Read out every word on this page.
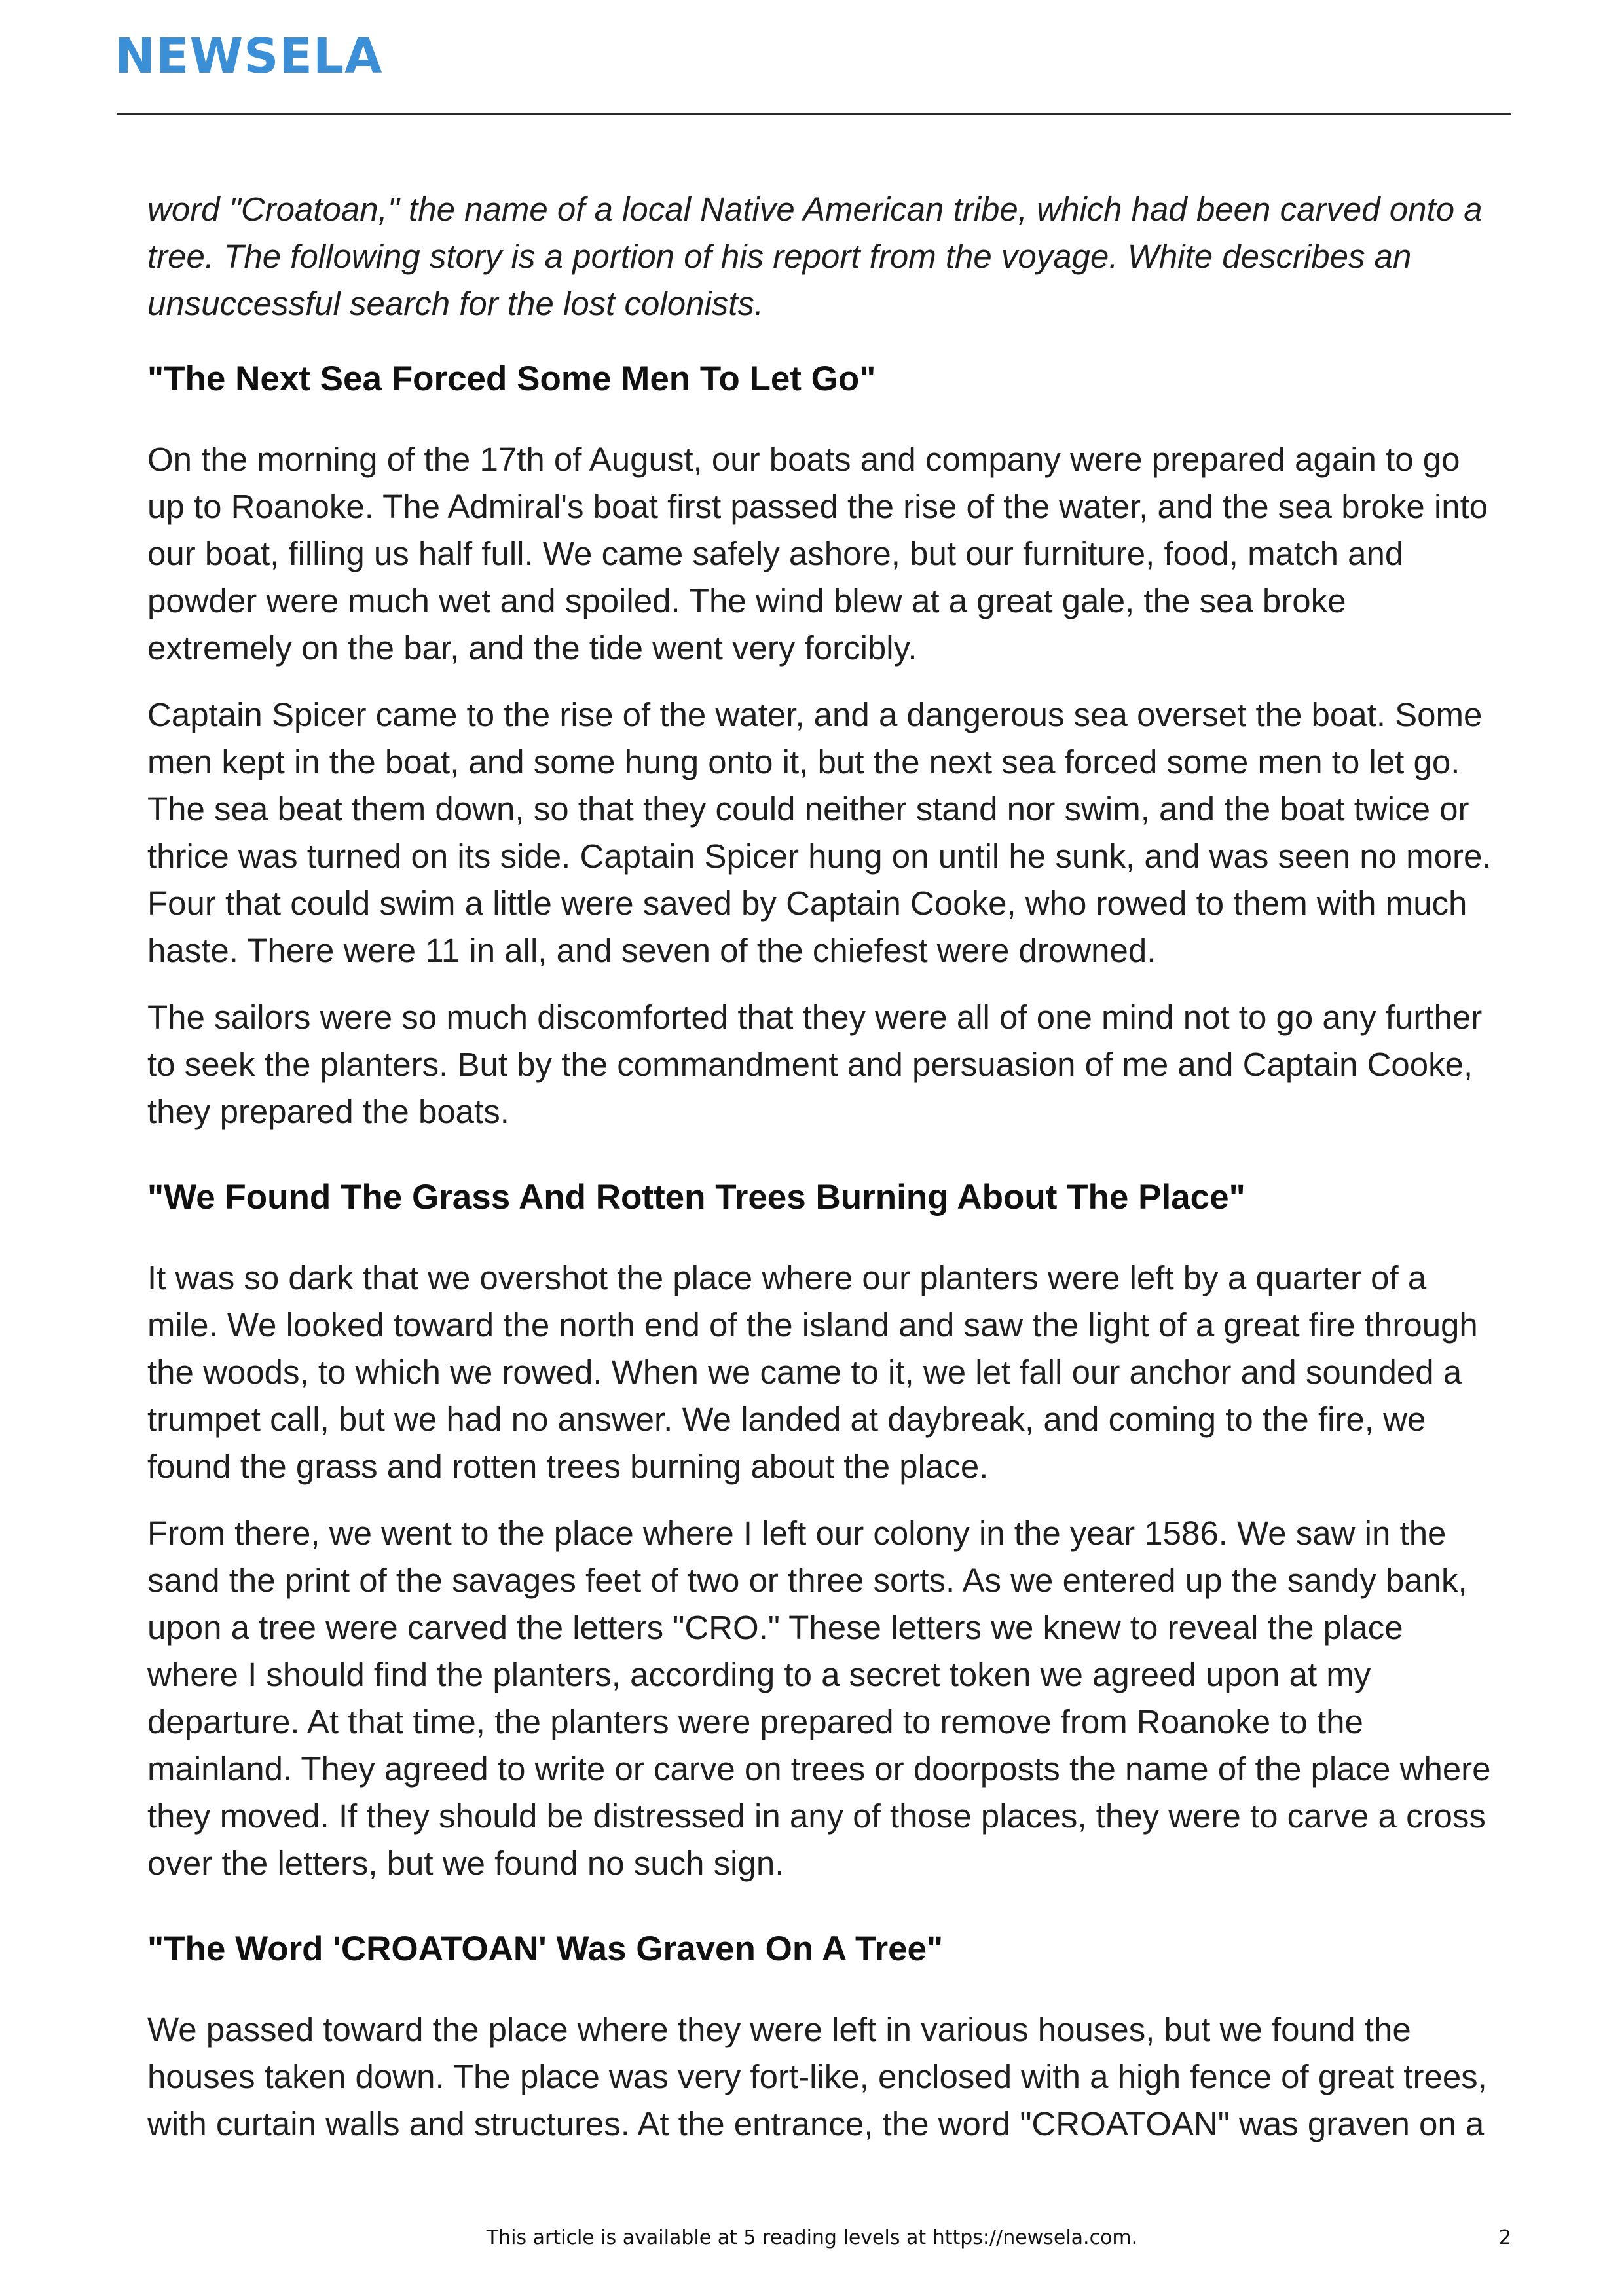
NEWSELA

word "Croatoan," the name of a local Native American tribe, which had been carved onto a tree. The following story is a portion of his report from the voyage. White describes an unsuccessful search for the lost colonists.

"The Next Sea Forced Some Men To Let Go"

On the morning of the 17th of August, our boats and company were prepared again to go up to Roanoke. The Admiral's boat first passed the rise of the water, and the sea broke into our boat, filling us half full. We came safely ashore, but our furniture, food, match and powder were much wet and spoiled. The wind blew at a great gale, the sea broke extremely on the bar, and the tide went very forcibly.

Captain Spicer came to the rise of the water, and a dangerous sea overset the boat. Some men kept in the boat, and some hung onto it, but the next sea forced some men to let go. The sea beat them down, so that they could neither stand nor swim, and the boat twice or thrice was turned on its side. Captain Spicer hung on until he sunk, and was seen no more. Four that could swim a little were saved by Captain Cooke, who rowed to them with much haste. There were 11 in all, and seven of the chiefest were drowned.

The sailors were so much discomforted that they were all of one mind not to go any further to seek the planters. But by the commandment and persuasion of me and Captain Cooke, they prepared the boats.

"We Found The Grass And Rotten Trees Burning About The Place"

It was so dark that we overshot the place where our planters were left by a quarter of a mile. We looked toward the north end of the island and saw the light of a great fire through the woods, to which we rowed. When we came to it, we let fall our anchor and sounded a trumpet call, but we had no answer. We landed at daybreak, and coming to the fire, we found the grass and rotten trees burning about the place.

From there, we went to the place where I left our colony in the year 1586. We saw in the sand the print of the savages feet of two or three sorts. As we entered up the sandy bank, upon a tree were carved the letters "CRO." These letters we knew to reveal the place where I should find the planters, according to a secret token we agreed upon at my departure. At that time, the planters were prepared to remove from Roanoke to the mainland. They agreed to write or carve on trees or doorposts the name of the place where they moved. If they should be distressed in any of those places, they were to carve a cross over the letters, but we found no such sign.

"The Word 'CROATOAN' Was Graven On A Tree"

We passed toward the place where they were left in various houses, but we found the houses taken down. The place was very fort-like, enclosed with a high fence of great trees, with curtain walls and structures. At the entrance, the word "CROATOAN" was graven on a

This article is available at 5 reading levels at https://newsela.com.	2
